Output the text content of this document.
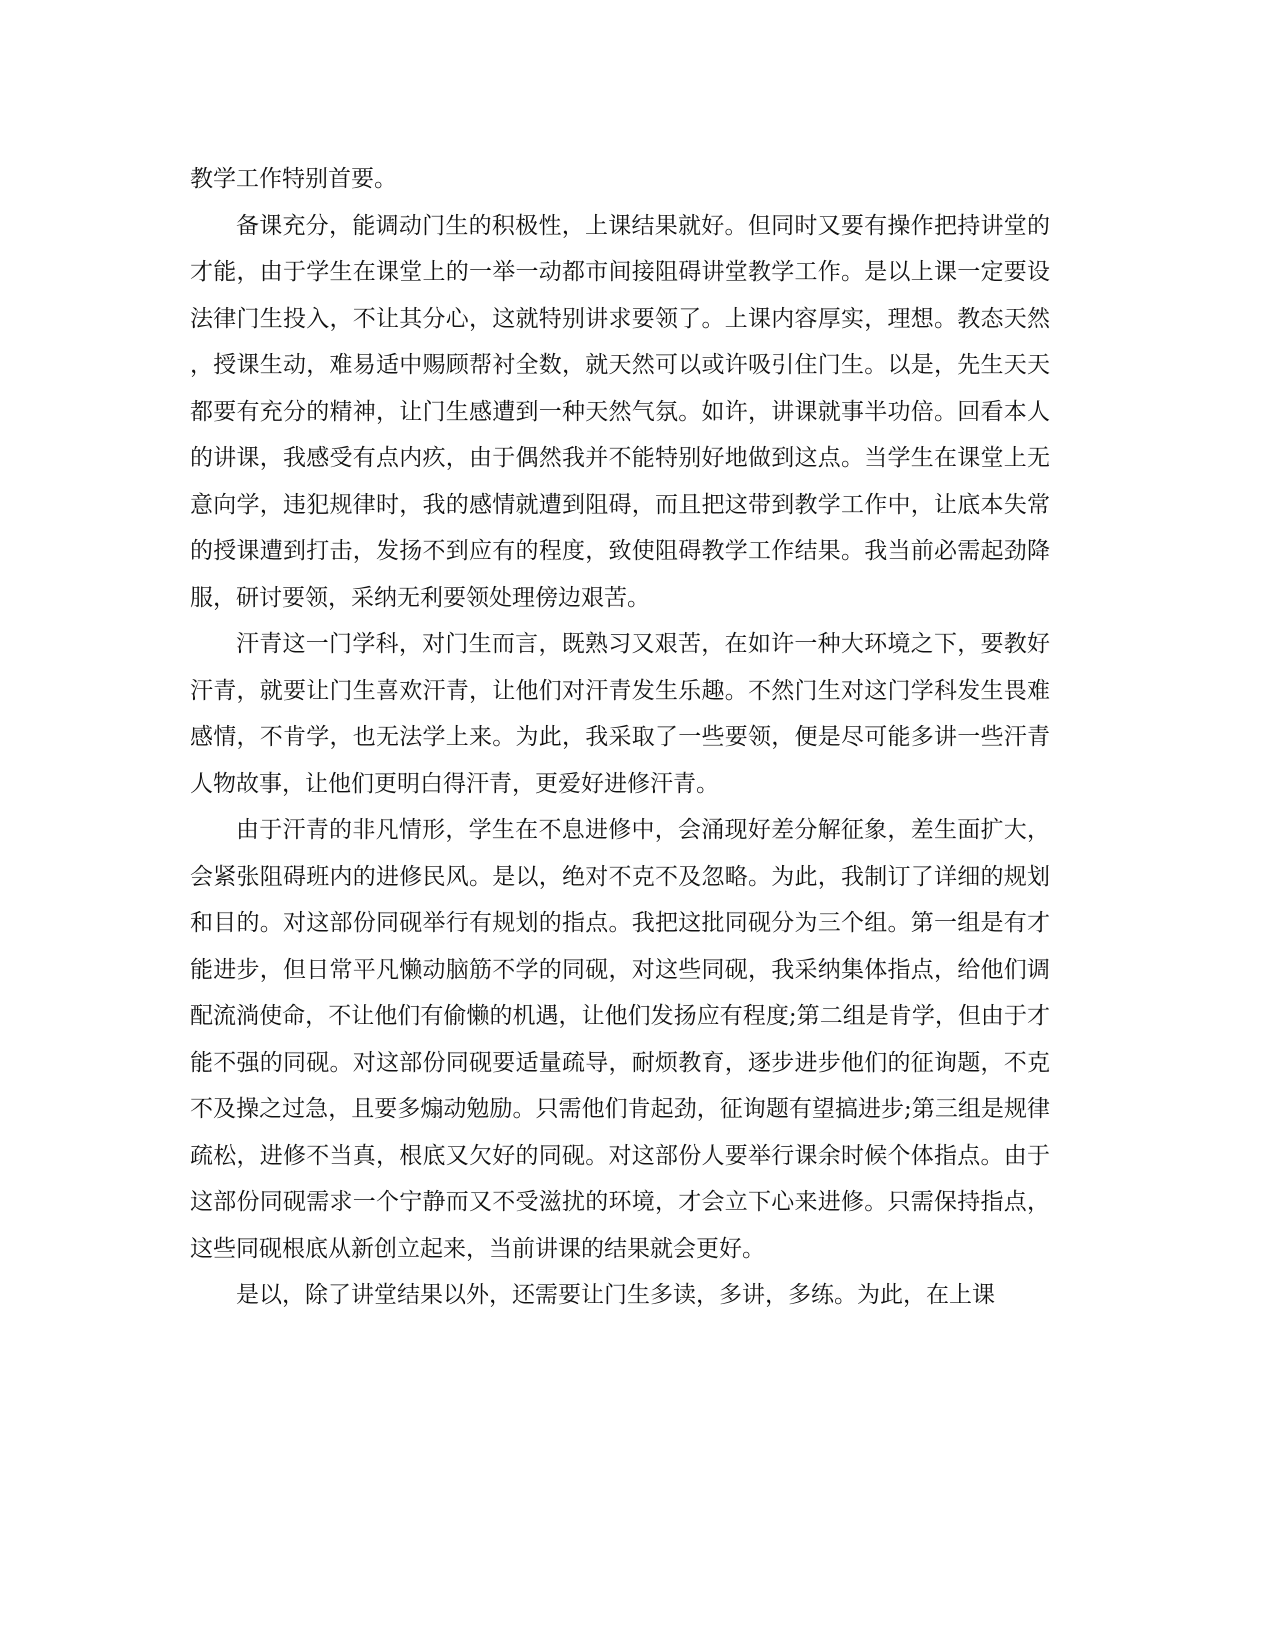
教学工作特别首要。

备课充分，能调动门生的积极性，上课结果就好。但同时又要有操作把持讲堂的才能，由于学生在课堂上的一举一动都市间接阻碍讲堂教学工作。是以上课一定要设法律门生投入，不让其分心，这就特别讲求要领了。上课内容厚实，理想。教态天然，授课生动，难易适中赐顾帮衬全数，就天然可以或许吸引住门生。以是，先生天天都要有充分的精神，让门生感遭到一种天然气氛。如许，讲课就事半功倍。回看本人的讲课，我感受有点内疚，由于偶然我并不能特别好地做到这点。当学生在课堂上无意向学，违犯规律时，我的感情就遭到阻碍，而且把这带到教学工作中，让底本失常的授课遭到打击，发扬不到应有的程度，致使阻碍教学工作结果。我当前必需起劲降服，研讨要领，采纳无利要领处理傍边艰苦。

汗青这一门学科，对门生而言，既熟习又艰苦，在如许一种大环境之下，要教好汗青，就要让门生喜欢汗青，让他们对汗青发生乐趣。不然门生对这门学科发生畏难感情，不肯学，也无法学上来。为此，我采取了一些要领，便是尽可能多讲一些汗青人物故事，让他们更明白得汗青，更爱好进修汗青。

由于汗青的非凡情形，学生在不息进修中，会涌现好差分解征象，差生面扩大，会紧张阻碍班内的进修民风。是以，绝对不克不及忽略。为此，我制订了详细的规划和目的。对这部份同砚举行有规划的指点。我把这批同砚分为三个组。第一组是有才能进步，但日常平凡懒动脑筋不学的同砚，对这些同砚，我采纳集体指点，给他们调配流淌使命，不让他们有偷懒的机遇，让他们发扬应有程度;第二组是肯学，但由于才能不强的同砚。对这部份同砚要适量疏导，耐烦教育，逐步进步他们的征询题，不克不及操之过急，且要多煽动勉励。只需他们肯起劲，征询题有望搞进步;第三组是规律疏松，进修不当真，根底又欠好的同砚。对这部份人要举行课余时候个体指点。由于这部份同砚需求一个宁静而又不受滋扰的环境，才会立下心来进修。只需保持指点，这些同砚根底从新创立起来，当前讲课的结果就会更好。

是以，除了讲堂结果以外，还需要让门生多读，多讲，多练。为此，在上课
